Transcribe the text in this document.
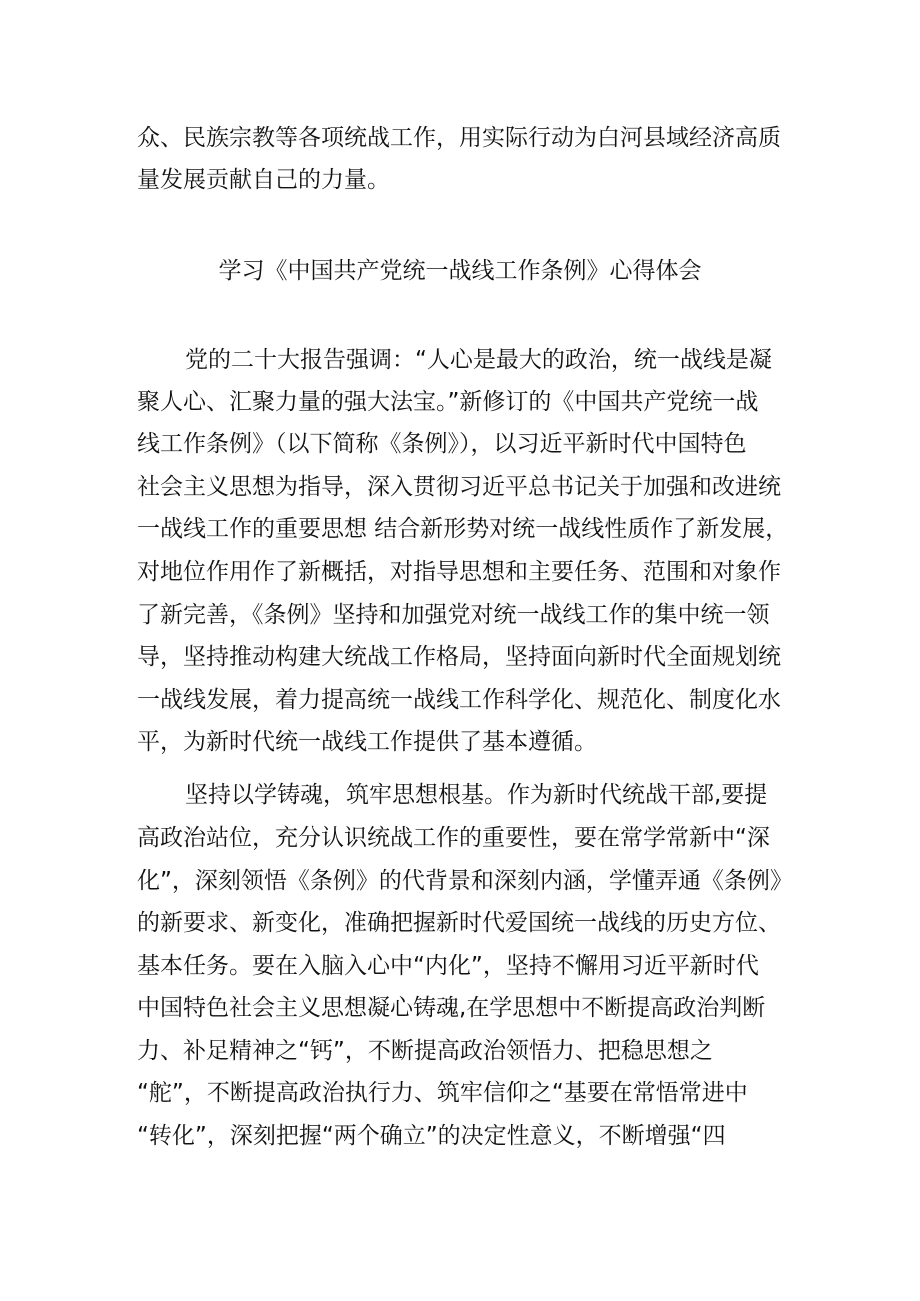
众、民族宗教等各项统战工作，用实际行动为白河县域经济高质
量发展贡献自己的力量。
学习《中国共产党统一战线工作条例》心得体会
党的二十大报告强调：“人心是最大的政治，统一战线是凝
聚人心、汇聚力量的强大法宝。”新修订的《中国共产党统一战
线工作条例》（以下简称《条例》），以习近平新时代中国特色
社会主义思想为指导，深入贯彻习近平总书记关于加强和改进统
一战线工作的重要思想 结合新形势对统一战线性质作了新发展，
对地位作用作了新概括，对指导思想和主要任务、范围和对象作
了新完善，《条例》坚持和加强党对统一战线工作的集中统一领
导，坚持推动构建大统战工作格局，坚持面向新时代全面规划统
一战线发展，着力提高统一战线工作科学化、规范化、制度化水
平，为新时代统一战线工作提供了基本遵循。
坚持以学铸魂，筑牢思想根基。作为新时代统战干部,要提
高政治站位，充分认识统战工作的重要性，要在常学常新中“深
化”，深刻领悟《条例》的代背景和深刻内涵，学懂弄通《条例》
的新要求、新变化，准确把握新时代爱国统一战线的历史方位、
基本任务。要在入脑入心中“内化”，坚持不懈用习近平新时代
中国特色社会主义思想凝心铸魂,在学思想中不断提高政治判断
力、补足精神之“钙”，不断提高政治领悟力、把稳思想之
“舵”，不断提高政治执行力、筑牢信仰之“基要在常悟常进中
“转化”，深刻把握“两个确立”的决定性意义，不断增强“四
